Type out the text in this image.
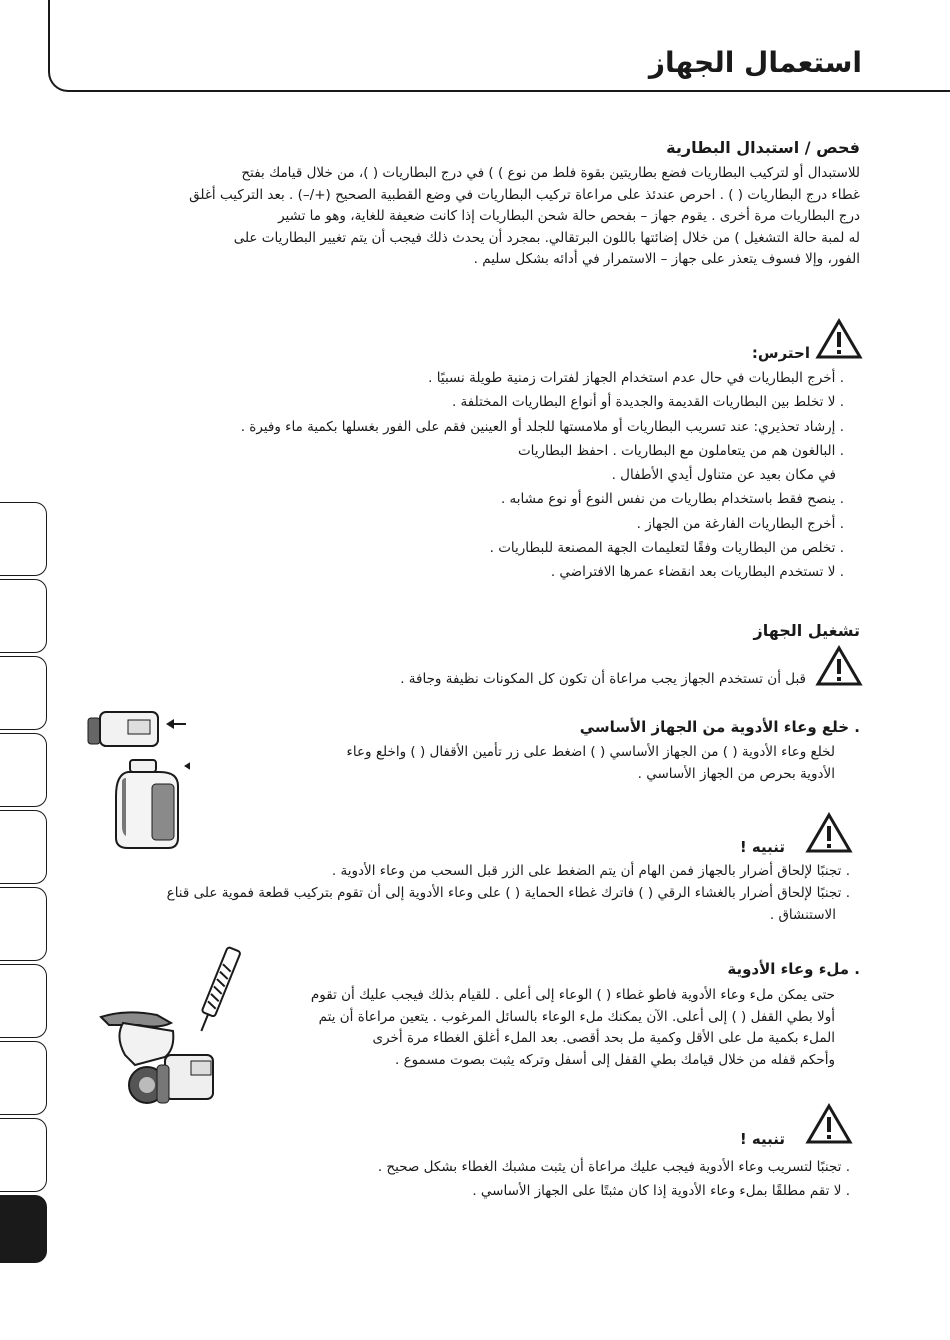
استعمال الجهاز
فحص / استبدال البطارية
للاستبدال أو لتركيب البطاريات فضع بطاريتين بقوة فلط من نوع ) ) في درج البطاريات ( )، من خلال قيامك بفتح
غطاء درج البطاريات ( ) . احرص عندئذ على مراعاة تركيب البطاريات في وضع القطبية الصحيح (+/–) . بعد التركيب أغلق
درج البطاريات مرة أخرى . يقوم جهاز – بفحص حالة شحن البطاريات إذا كانت ضعيفة للغاية، وهو ما تشير
له لمبة حالة التشغيل ) من خلال إضائتها باللون البرتقالي. بمجرد أن يحدث ذلك فيجب أن يتم تغيير البطاريات على
الفور، وإلا فسوف يتعذر على جهاز – الاستمرار في أدائه بشكل سليم .
احترس:
. أخرج البطاريات في حال عدم استخدام الجهاز لفترات زمنية طويلة نسبيًا .
. لا تخلط بين البطاريات القديمة والجديدة أو أنواع البطاريات المختلفة .
. إرشاد تحذيري: عند تسريب البطاريات أو ملامستها للجلد أو العينين فقم على الفور بغسلها بكمية ماء وفيرة .
. البالغون هم من يتعاملون مع البطاريات . احفظ البطاريات
في مكان بعيد عن متناول أيدي الأطفال .
. ينصح فقط باستخدام بطاريات من نفس النوع أو نوع مشابه .
. أخرج البطاريات الفارغة من الجهاز .
. تخلص من البطاريات وفقًا لتعليمات الجهة المصنعة للبطاريات .
. لا تستخدم البطاريات بعد انقضاء عمرها الافتراضي .
تشغيل الجهاز
قبل أن تستخدم الجهاز يجب مراعاة أن تكون كل المكونات نظيفة وجافة .
. خلع وعاء الأدوية من الجهاز الأساسي
لخلع وعاء الأدوية ( ) من الجهاز الأساسي ( ) اضغط على زر تأمين الأقفال ( ) واخلع وعاء
الأدوية بحرص من الجهاز الأساسي .
تنبيه !
. تجنبًا لإلحاق أضرار بالجهاز فمن الهام أن يتم الضغط على الزر قبل السحب من وعاء الأدوية .
. تجنبًا لإلحاق أضرار بالغشاء الرقي ( ) فاترك غطاء الحماية ( ) على وعاء الأدوية إلى أن تقوم بتركيب قطعة فموية على قناع
الاستنشاق .
. ملء وعاء الأدوية
حتى يمكن ملء وعاء الأدوية فاطو غطاء ( ) الوعاء إلى أعلى . للقيام بذلك فيجب عليك أن تقوم
أولا بطي القفل ( ) إلى أعلى. الآن يمكنك ملء الوعاء بالسائل المرغوب . يتعين مراعاة أن يتم
الملء بكمية مل على الأقل وكمية مل بحد أقصى. بعد الملء أغلق الغطاء مرة أخرى
وأحكم قفله من خلال قيامك بطي القفل إلى أسفل وتركه يثبت بصوت مسموع .
تنبيه !
. تجنبًا لتسريب وعاء الأدوية فيجب عليك مراعاة أن يثبت مشبك الغطاء بشكل صحيح .
. لا تقم مطلقًا بملء وعاء الأدوية إذا كان مثبتًا على الجهاز الأساسي .
